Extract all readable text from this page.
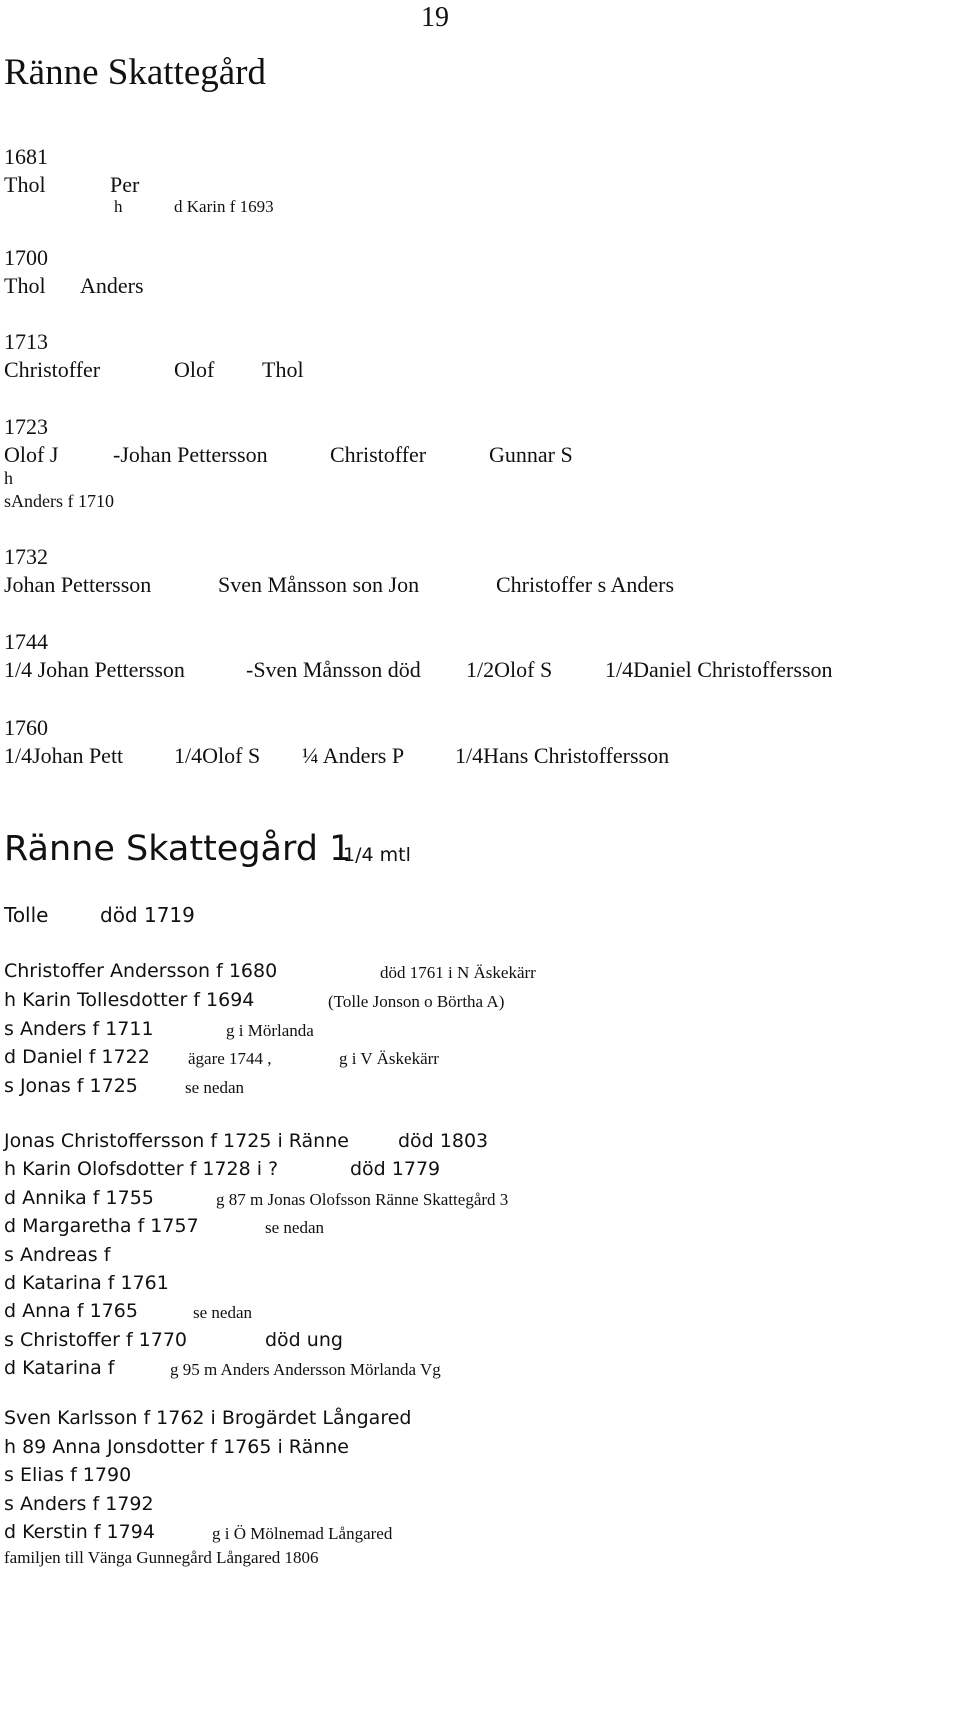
19
Ränne Skattegård
1681
Thol	Per
h	d Karin f 1693
1700
Thol Anders
1713
Christoffer	Olof Thol
1723
Olof J -Johan Pettersson	Christoffer	Gunnar S
h
sAnders f 1710
1732
Johan Pettersson	Sven Månsson son Jon	Christoffer s Anders
1744
1/4 Johan Pettersson	-Sven Månsson död 1/2Olof S 1/4Daniel Christoffersson
1760
1/4Johan Pett 1/4Olof S ¼ Anders P 1/4Hans Christoffersson
Ränne Skattegård 1
1/4 mtl
Tolle	död 1719
Christoffer Andersson f 1680	död 1761 i N Äskekärr
h Karin Tollesdotter f 1694	(Tolle Jonson o Börtha A)
s Anders f 1711	g i Mörlanda
d Daniel f 1722 ägare 1744 ,	g i V Äskekärr
s Jonas f 1725	se nedan
Jonas Christoffersson f 1725 i Ränne	död 1803
h Karin Olofsdotter f 1728 i ?	död 1779
d Annika f 1755	g 87 m Jonas Olofsson Ränne Skattegård 3
d Margaretha f 1757	se nedan
s Andreas f
d Katarina f 1761
d Anna f 1765	se nedan
s Christoffer f 1770	död ung
d Katarina f	g 95 m Anders Andersson Mörlanda Vg
Sven Karlsson f 1762 i Brogärdet Långared
h 89 Anna Jonsdotter f 1765 i Ränne
s Elias f 1790
s Anders f 1792
d Kerstin f 1794	g i Ö Mölnemad Långared
familjen till Vänga Gunnegård Långared 1806
